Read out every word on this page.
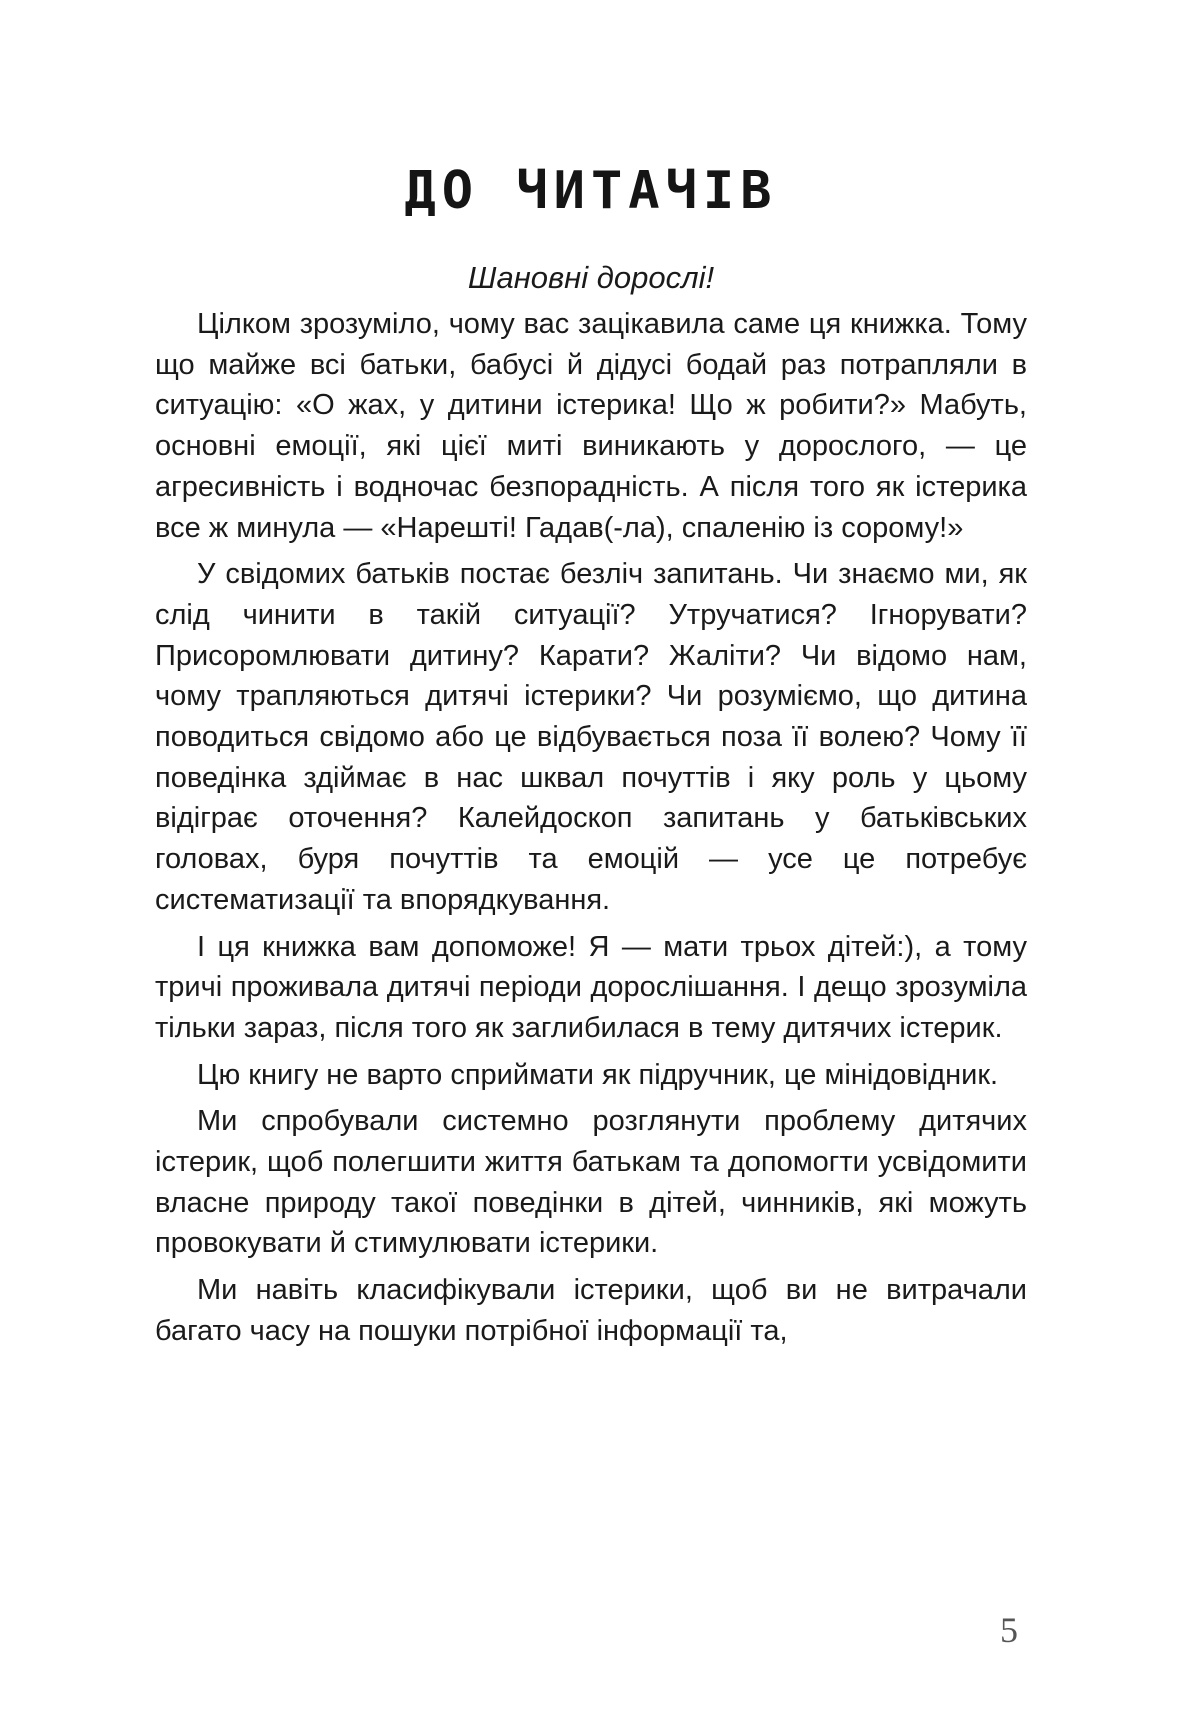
ДО ЧИТАЧІВ
Шановні дорослі!

Цілком зрозуміло, чому вас зацікавила саме ця книжка. Тому що майже всі батьки, бабусі й дідусі бодай раз потрапляли в ситуацію: «О жах, у дитини істерика! Що ж робити?» Мабуть, основні емоції, які цієї миті виникають у дорослого, — це агресивність і водночас безпорадність. А після того як істерика все ж минула — «Нарешті! Гадав(-ла), спаленію із сорому!»

У свідомих батьків постає безліч запитань. Чи знаємо ми, як слід чинити в такій ситуації? Утручатися? Ігнорувати? Присоромлювати дитину? Карати? Жаліти? Чи відомо нам, чому трапляються дитячі істерики? Чи розуміємо, що дитина поводиться свідомо або це відбувається поза її волею? Чому її поведінка здіймає в нас шквал почуттів і яку роль у цьому відіграє оточення? Калейдоскоп запитань у батьківських головах, буря почуттів та емоцій — усе це потребує систематизації та впорядкування.

І ця книжка вам допоможе! Я — мати трьох дітей:), а тому тричі проживала дитячі періоди дорослішання. І дещо зрозуміла тільки зараз, після того як заглибилася в тему дитячих істерик.

Цю книгу не варто сприймати як підручник, це мінідовідник.

Ми спробували системно розглянути проблему дитячих істерик, щоб полегшити життя батькам та допомогти усвідомити власне природу такої поведінки в дітей, чинників, які можуть провокувати й стимулювати істерики.

Ми навіть класифікували істерики, щоб ви не витрачали багато часу на пошуки потрібної інформації та,

5
